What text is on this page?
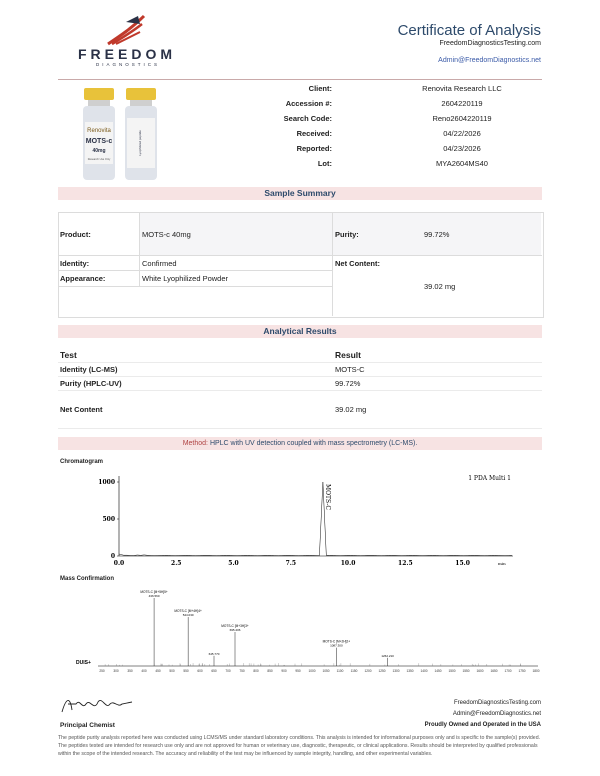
FREEDOM
DIAGNOSTICS
Certificate of Analysis
FreedomDiagnosticsTesting.com
Admin@FreedomDiagnostics.net
Renovita
MOTS-c
40mg
Research Use Only
Lyophilized peptide
Client:	Renovita Research LLC
Accession #:	2604220119
Search Code:	Reno2604220119
Received:	04/22/2026
Reported:	04/23/2026
Lot:	MYA2604MS40
Sample Summary
Product:	MOTS-c 40mg	Purity:	99.72%
Identity:	Confirmed	Net Content:
39.02 mg
Appearance:	White Lyophilized Powder
Analytical Results
Test	Result
Identity (LC-MS)	MOTS-C
Purity (HPLC-UV)	99.72%
Net Content	39.02 mg
Method: HPLC with UV detection coupled with mass spectrometry (LC-MS).
Chromatogram
1 PDA Multi 1
min
1000
500
0
0.0	2.5	5.0	7.5	10.0	12.5	15.0
MOTS-C
Mass Confirmation
DUIS+
250	300	350	400	450	500	550	600	650	700	750	800	850	900	950 1000 1050 1100 1150 1200 1250 1300 1350 1400 1450 1500 1550 1600 1650 1700 1750 1800
544.030
MOTS-C [M+4H]4+
695.406
MOTS-C [M+3H]3+
1087.300
MOTS-C [M+2H]2+
645.770
436.560
MOTS-C [M+5H]5+
1262.210
Principal Chemist
FreedomDiagnosticsTesting.com
Admin@FreedomDiagnostics.net
Proudly Owned and Operated in the USA
The peptide purity analysis reported here was conducted using LCMS/MS under standard laboratory conditions. This analysis is intended for informational purposes only and is specific to the sample(s) provided. The peptides tested are intended for research use only and are not approved for human or veterinary use, diagnostic, therapeutic, or clinical applications. Results should be interpreted by qualified professionals within the scope of the intended research. The accuracy and reliability of the test may be influenced by sample integrity, handling, and other experimental variables.
